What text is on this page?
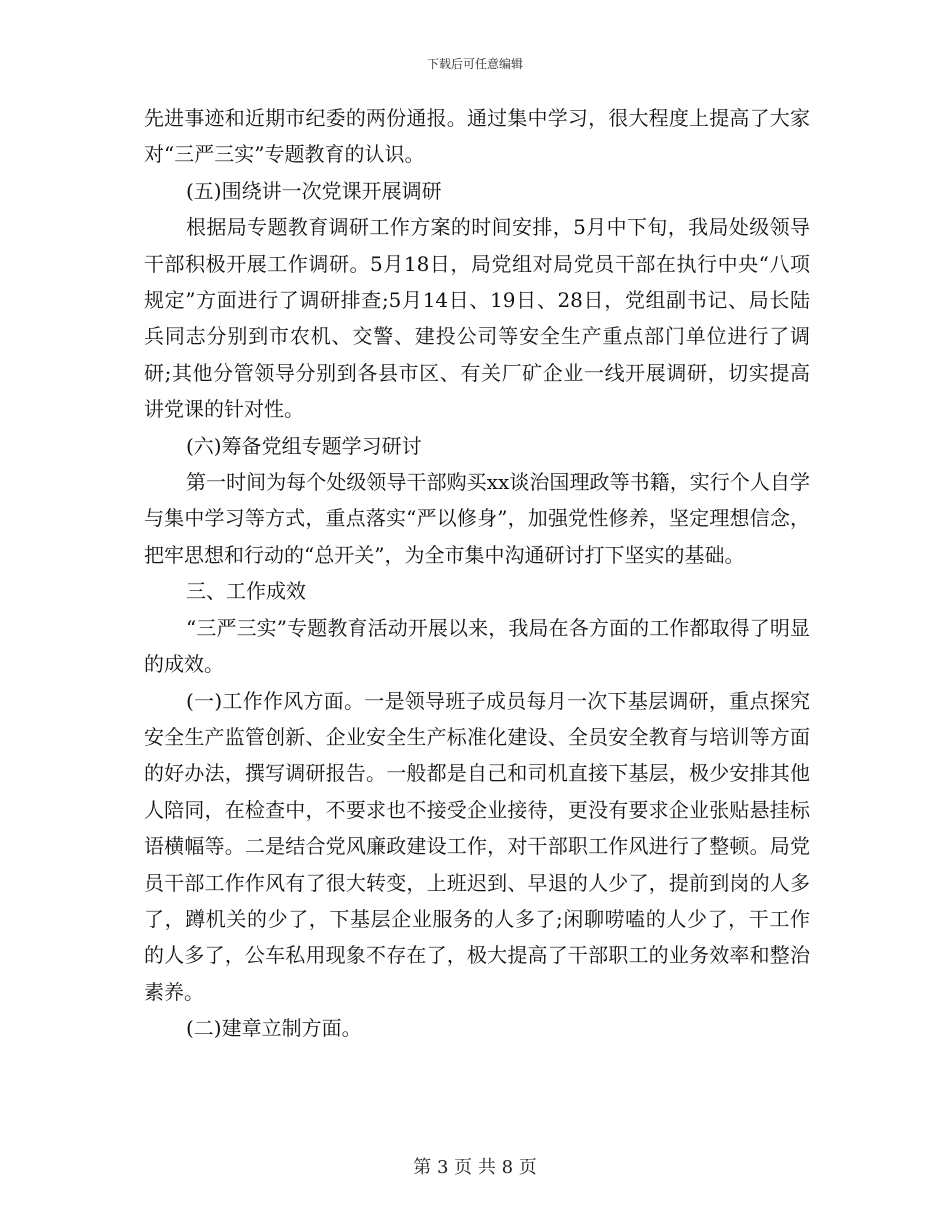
下载后可任意编辑

先进事迹和近期市纪委的两份通报。通过集中学习，很大程度上提高了大家对“三严三实”专题教育的认识。

(五)围绕讲一次党课开展调研

根据局专题教育调研工作方案的时间安排，5月中下旬，我局处级领导干部积极开展工作调研。5月18日，局党组对局党员干部在执行中央“八项规定”方面进行了调研排查;5月14日、19日、28日，党组副书记、局长陆兵同志分别到市农机、交警、建投公司等安全生产重点部门单位进行了调研;其他分管领导分别到各县市区、有关厂矿企业一线开展调研，切实提高讲党课的针对性。

(六)筹备党组专题学习研讨

第一时间为每个处级领导干部购买xx谈治国理政等书籍，实行个人自学与集中学习等方式，重点落实“严以修身”，加强党性修养，坚定理想信念，把牢思想和行动的“总开关”，为全市集中沟通研讨打下坚实的基础。

三、工作成效

“三严三实”专题教育活动开展以来，我局在各方面的工作都取得了明显的成效。

(一)工作作风方面。一是领导班子成员每月一次下基层调研，重点探究安全生产监管创新、企业安全生产标准化建设、全员安全教育与培训等方面的好办法，撰写调研报告。一般都是自己和司机直接下基层，极少安排其他人陪同，在检查中，不要求也不接受企业接待，更没有要求企业张贴悬挂标语横幅等。二是结合党风廉政建设工作，对干部职工作风进行了整顿。局党员干部工作作风有了很大转变，上班迟到、早退的人少了，提前到岗的人多了，蹲机关的少了，下基层企业服务的人多了;闲聊唠嗑的人少了，干工作的人多了，公车私用现象不存在了，极大提高了干部职工的业务效率和整治素养。

(二)建章立制方面。

第 3 页 共 8 页
